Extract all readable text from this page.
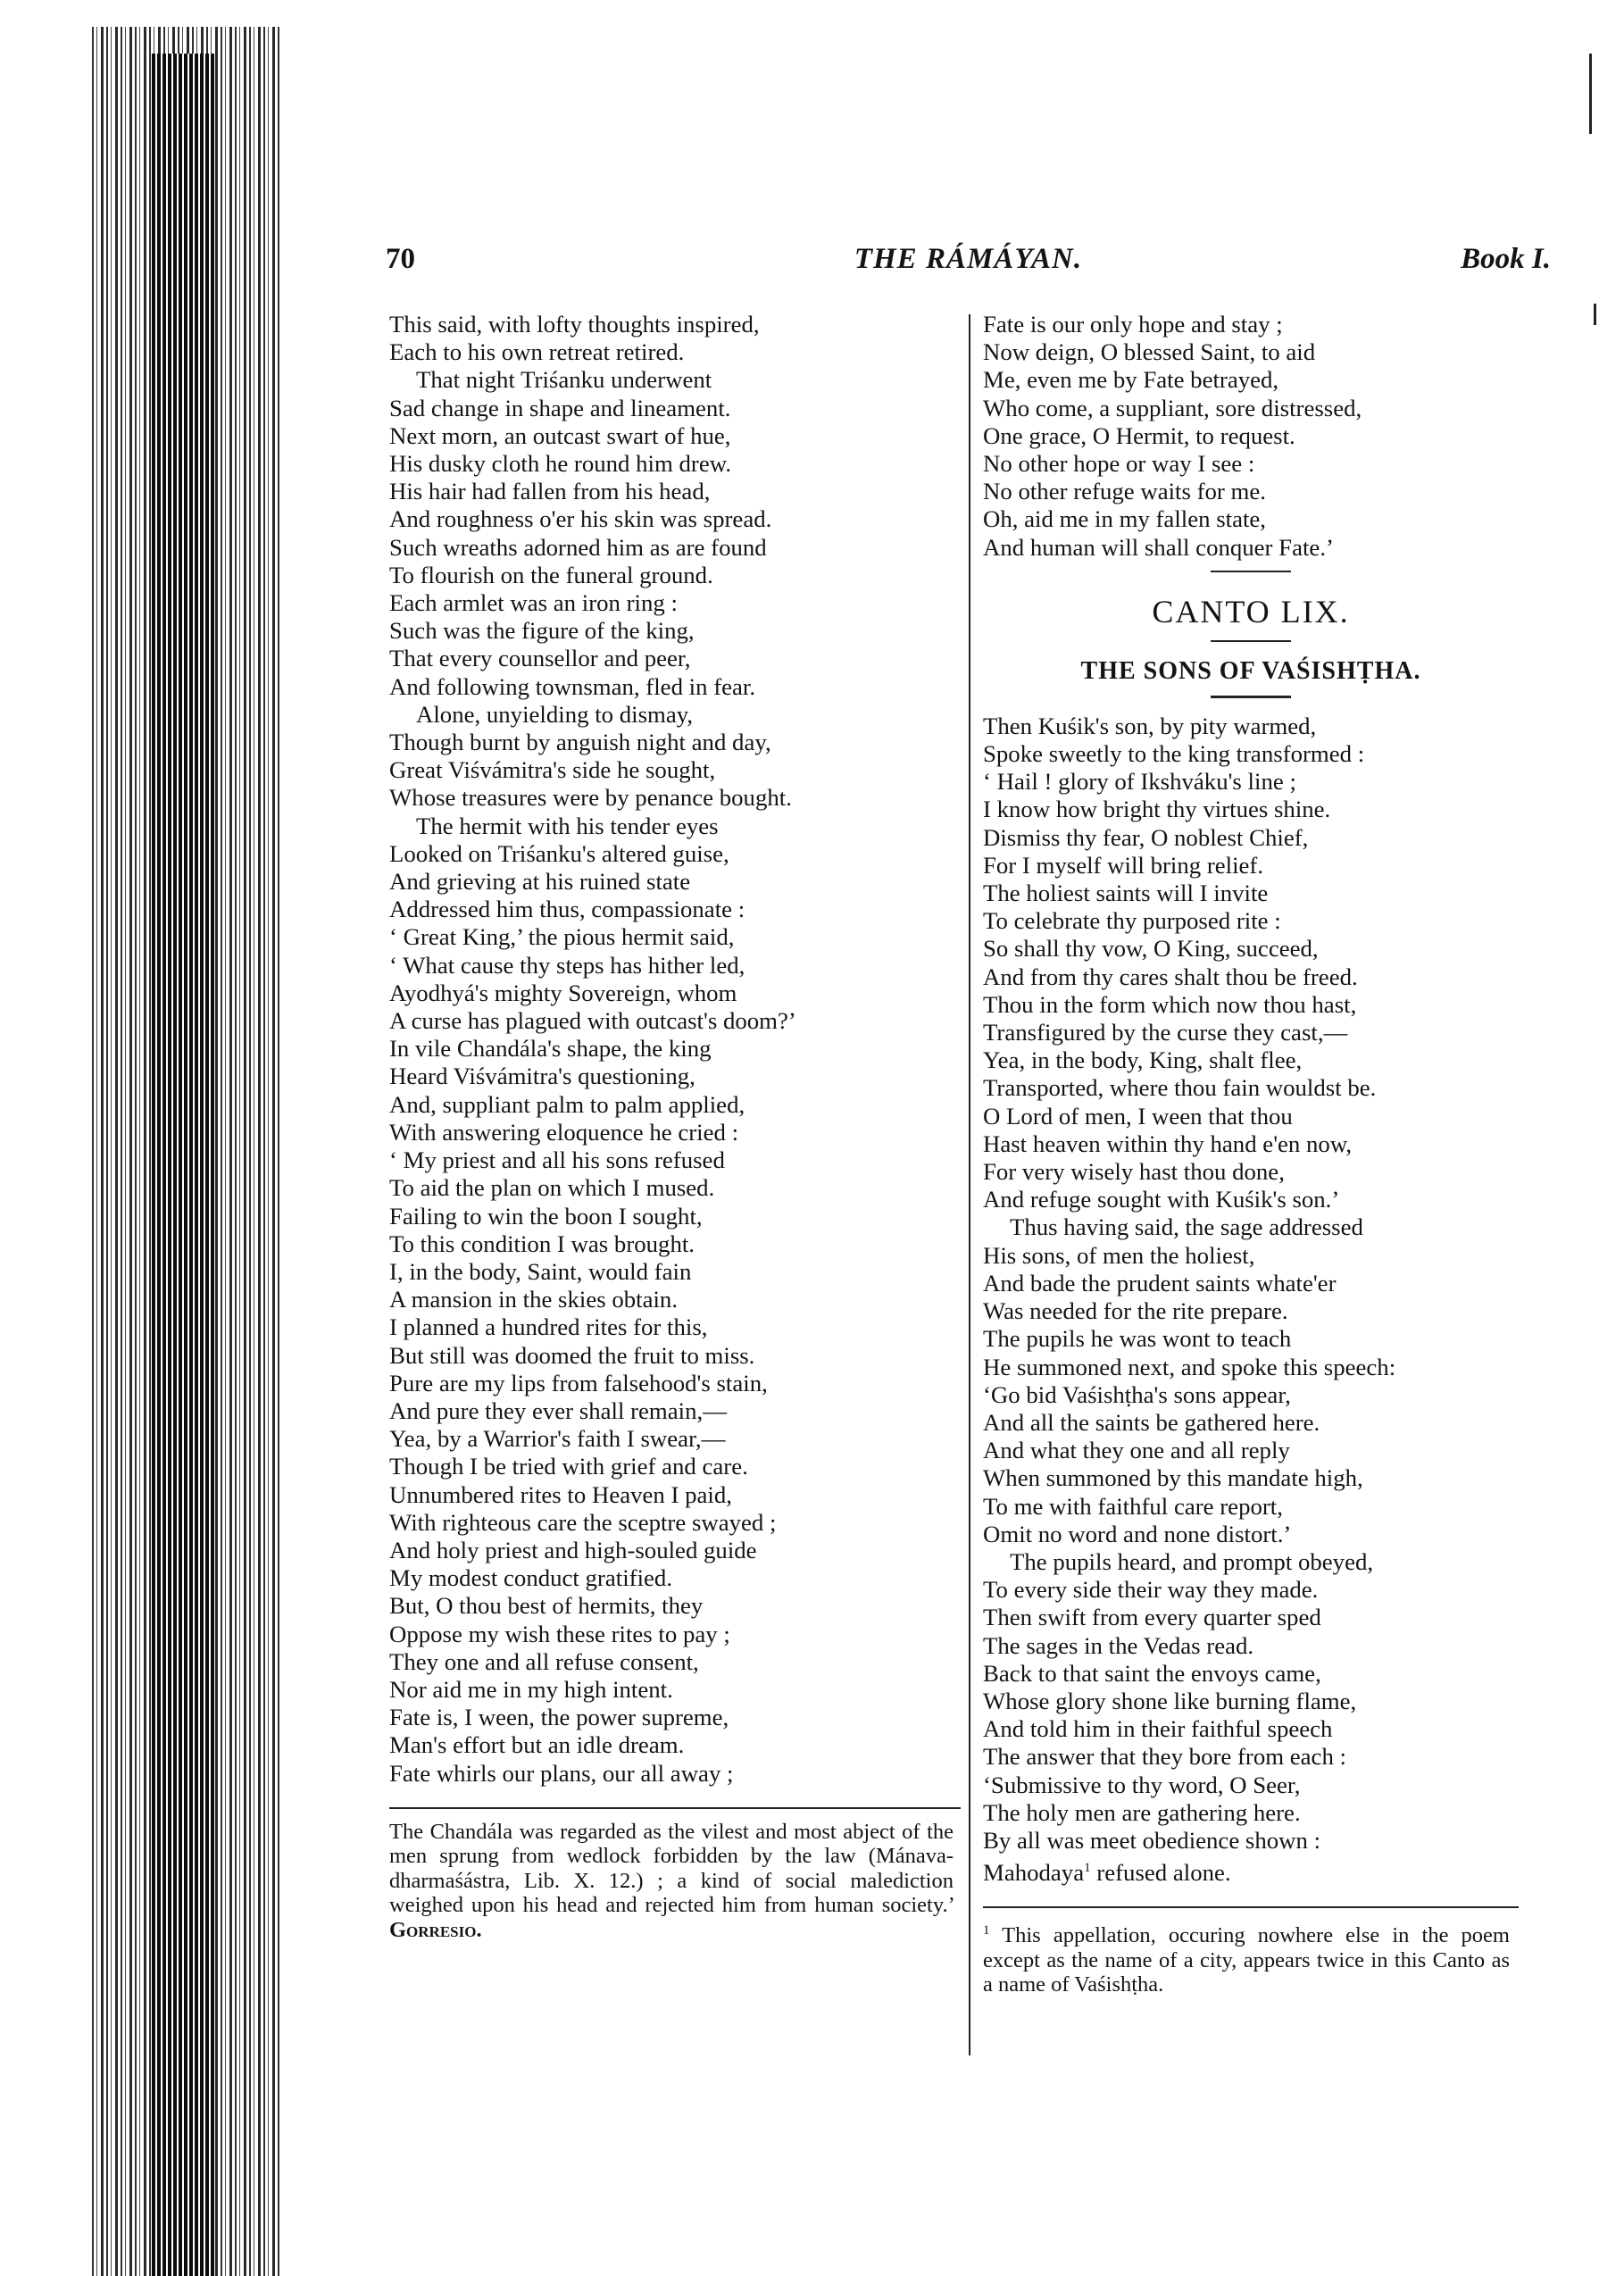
70	THE RÁMÁYAN.	Book I.

This said, with lofty thoughts inspired,

Each to his own retreat retired.

That night Triśanku underwent

Sad change in shape and lineament.

Next morn, an outcast swart of hue,

His dusky cloth he round him drew.

His hair had fallen from his head,

And roughness o'er his skin was spread.

Such wreaths adorned him as are found

To flourish on the funeral ground.

Each armlet was an iron ring :

Such was the figure of the king,

That every counsellor and peer,

And following townsman, fled in fear.

Alone, unyielding to dismay,

Though burnt by anguish night and day,

Great Viśvámitra's side he sought,

Whose treasures were by penance bought.

The hermit with his tender eyes

Looked on Triśanku's altered guise,

And grieving at his ruined state

Addressed him thus, compassionate :

‘ Great King,’ the pious hermit said,

‘ What cause thy steps has hither led,

Ayodhyá's mighty Sovereign, whom

A curse has plagued with outcast's doom?’

In vile Chandála's shape, the king

Heard Viśvámitra's questioning,

And, suppliant palm to palm applied,

With answering eloquence he cried :

‘ My priest and all his sons refused

To aid the plan on which I mused.

Failing to win the boon I sought,

To this condition I was brought.

I, in the body, Saint, would fain

A mansion in the skies obtain.

I planned a hundred rites for this,

But still was doomed the fruit to miss.

Pure are my lips from falsehood's stain,

And pure they ever shall remain,—

Yea, by a Warrior's faith I swear,—

Though I be tried with grief and care.

Unnumbered rites to Heaven I paid,

With righteous care the sceptre swayed ;

And holy priest and high-souled guide

My modest conduct gratified.

But, O thou best of hermits, they

Oppose my wish these rites to pay ;

They one and all refuse consent,

Nor aid me in my high intent.

Fate is, I ween, the power supreme,

Man's effort but an idle dream.

Fate whirls our plans, our all away ;

The Chandála was regarded as the vilest and most abject of the men sprung from wedlock forbidden by the law (Mánava-dharmaśástra, Lib. X. 12.) ; a kind of social malediction weighed upon his head and rejected him from human society.’ Gorresio.

Fate is our only hope and stay ;

Now deign, O blessed Saint, to aid

Me, even me by Fate betrayed,

Who come, a suppliant, sore distressed,

One grace, O Hermit, to request.

No other hope or way I see :

No other refuge waits for me.

Oh, aid me in my fallen state,

And human will shall conquer Fate.’

CANTO LIX.

THE SONS OF VAŚISHṬHA.

Then Kuśik's son, by pity warmed,

Spoke sweetly to the king transformed :

‘ Hail ! glory of Ikshváku's line ;

I know how bright thy virtues shine.

Dismiss thy fear, O noblest Chief,

For I myself will bring relief.

The holiest saints will I invite

To celebrate thy purposed rite :

So shall thy vow, O King, succeed,

And from thy cares shalt thou be freed.

Thou in the form which now thou hast,

Transfigured by the curse they cast,—

Yea, in the body, King, shalt flee,

Transported, where thou fain wouldst be.

O Lord of men, I ween that thou

Hast heaven within thy hand e'en now,

For very wisely hast thou done,

And refuge sought with Kuśik's son.’

Thus having said, the sage addressed

His sons, of men the holiest,

And bade the prudent saints whate'er

Was needed for the rite prepare.

The pupils he was wont to teach

He summoned next, and spoke this speech:

‘Go bid Vaśishṭha's sons appear,

And all the saints be gathered here.

And what they one and all reply

When summoned by this mandate high,

To me with faithful care report,

Omit no word and none distort.’

The pupils heard, and prompt obeyed,

To every side their way they made.

Then swift from every quarter sped

The sages in the Vedas read.

Back to that saint the envoys came,

Whose glory shone like burning flame,

And told him in their faithful speech

The answer that they bore from each :

‘Submissive to thy word, O Seer,

The holy men are gathering here.

By all was meet obedience shown :

Mahodaya$^1$ refused alone.

$^1$ This appellation, occuring nowhere else in the poem except as the name of a city, appears twice in this Canto as a name of Vaśishṭha.
